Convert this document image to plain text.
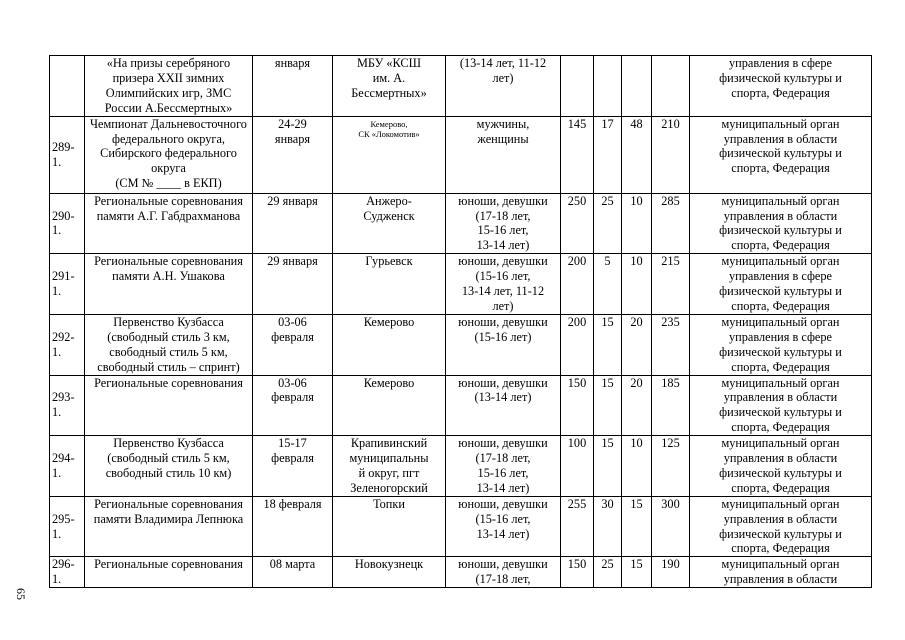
	«На призы серебряного
призера XXII зимних
Олимпийских игр, ЗМС
России А.Бессмертных»	января	МБУ «КСШ
им. А.
Бессмертных»	(13-14 лет, 11-12
лет)					управления в сфере
физической культуры и
спорта, Федерация

289-1.	Чемпионат Дальневосточного
федерального округа,
Сибирского федерального
округа
(СМ № ____ в ЕКП)	24-29
января	Кемерово,
СК «Локомотив»	мужчины,
женщины	145	17	48	210	муниципальный орган
управления в области
физической культуры и
спорта, Федерация

290-1.	Региональные соревнования
памяти А.Г. Габдрахманова	29 января	Анжеро-
Судженск	юноши, девушки
(17-18 лет,
15-16 лет,
13-14 лет)	250	25	10	285	муниципальный орган
управления в области
физической культуры и
спорта, Федерация

291-1.	Региональные соревнования
памяти А.Н. Ушакова	29 января	Гурьевск	юноши, девушки
(15-16 лет,
13-14 лет, 11-12
лет)	200	5	10	215	муниципальный орган
управления в сфере
физической культуры и
спорта, Федерация

292-1.	Первенство Кузбасса
(свободный стиль 3 км,
свободный стиль 5 км,
свободный стиль – спринт)	03-06
февраля	Кемерово	юноши, девушки
(15-16 лет)	200	15	20	235	муниципальный орган
управления в сфере
физической культуры и
спорта, Федерация

293-1.	Региональные соревнования	03-06
февраля	Кемерово	юноши, девушки
(13-14 лет)	150	15	20	185	муниципальный орган
управления в области
физической культуры и
спорта, Федерация

294-1.	Первенство Кузбасса
(свободный стиль 5 км,
свободный стиль 10 км)	15-17
февраля	Крапивинский
муниципальны
й округ, пгт
Зеленогорский	юноши, девушки
(17-18 лет,
15-16 лет,
13-14 лет)	100	15	10	125	муниципальный орган
управления в области
физической культуры и
спорта, Федерация

295-1.	Региональные соревнования
памяти Владимира Лепнюка	18 февраля	Топки	юноши, девушки
(15-16 лет,
13-14 лет)	255	30	15	300	муниципальный орган
управления в области
физической культуры и
спорта, Федерация

296-1.	Региональные соревнования	08 марта	Новокузнецк	юноши, девушки
(17-18 лет,	150	25	15	190	муниципальный орган
управления в области
65
